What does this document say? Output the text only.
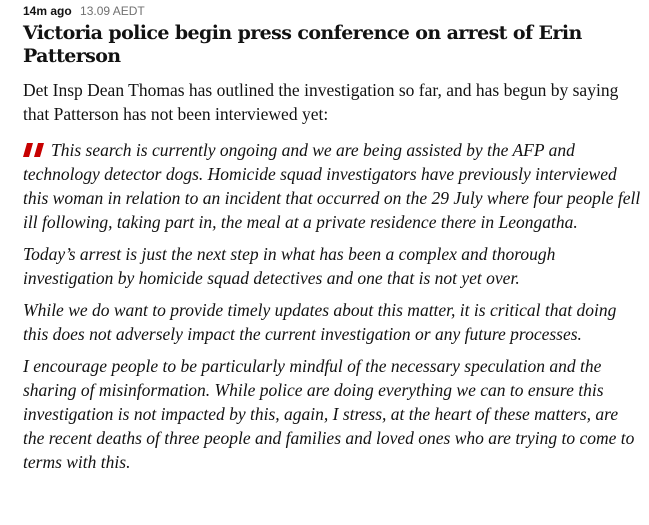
14m ago 13.09 AEDT
Victoria police begin press conference on arrest of Erin Patterson

Det Insp Dean Thomas has outlined the investigation so far, and has begun by saying that Patterson has not been interviewed yet:

This search is currently ongoing and we are being assisted by the AFP and technology detector dogs. Homicide squad investigators have previously interviewed this woman in relation to an incident that occurred on the 29 July where four people fell ill following, taking part in, the meal at a private residence there in Leongatha.

Today’s arrest is just the next step in what has been a complex and thorough investigation by homicide squad detectives and one that is not yet over.

While we do want to provide timely updates about this matter, it is critical that doing this does not adversely impact the current investigation or any future processes.

I encourage people to be particularly mindful of the necessary speculation and the sharing of misinformation. While police are doing everything we can to ensure this investigation is not impacted by this, again, I stress, at the heart of these matters, are the recent deaths of three people and families and loved ones who are trying to come to terms with this.
